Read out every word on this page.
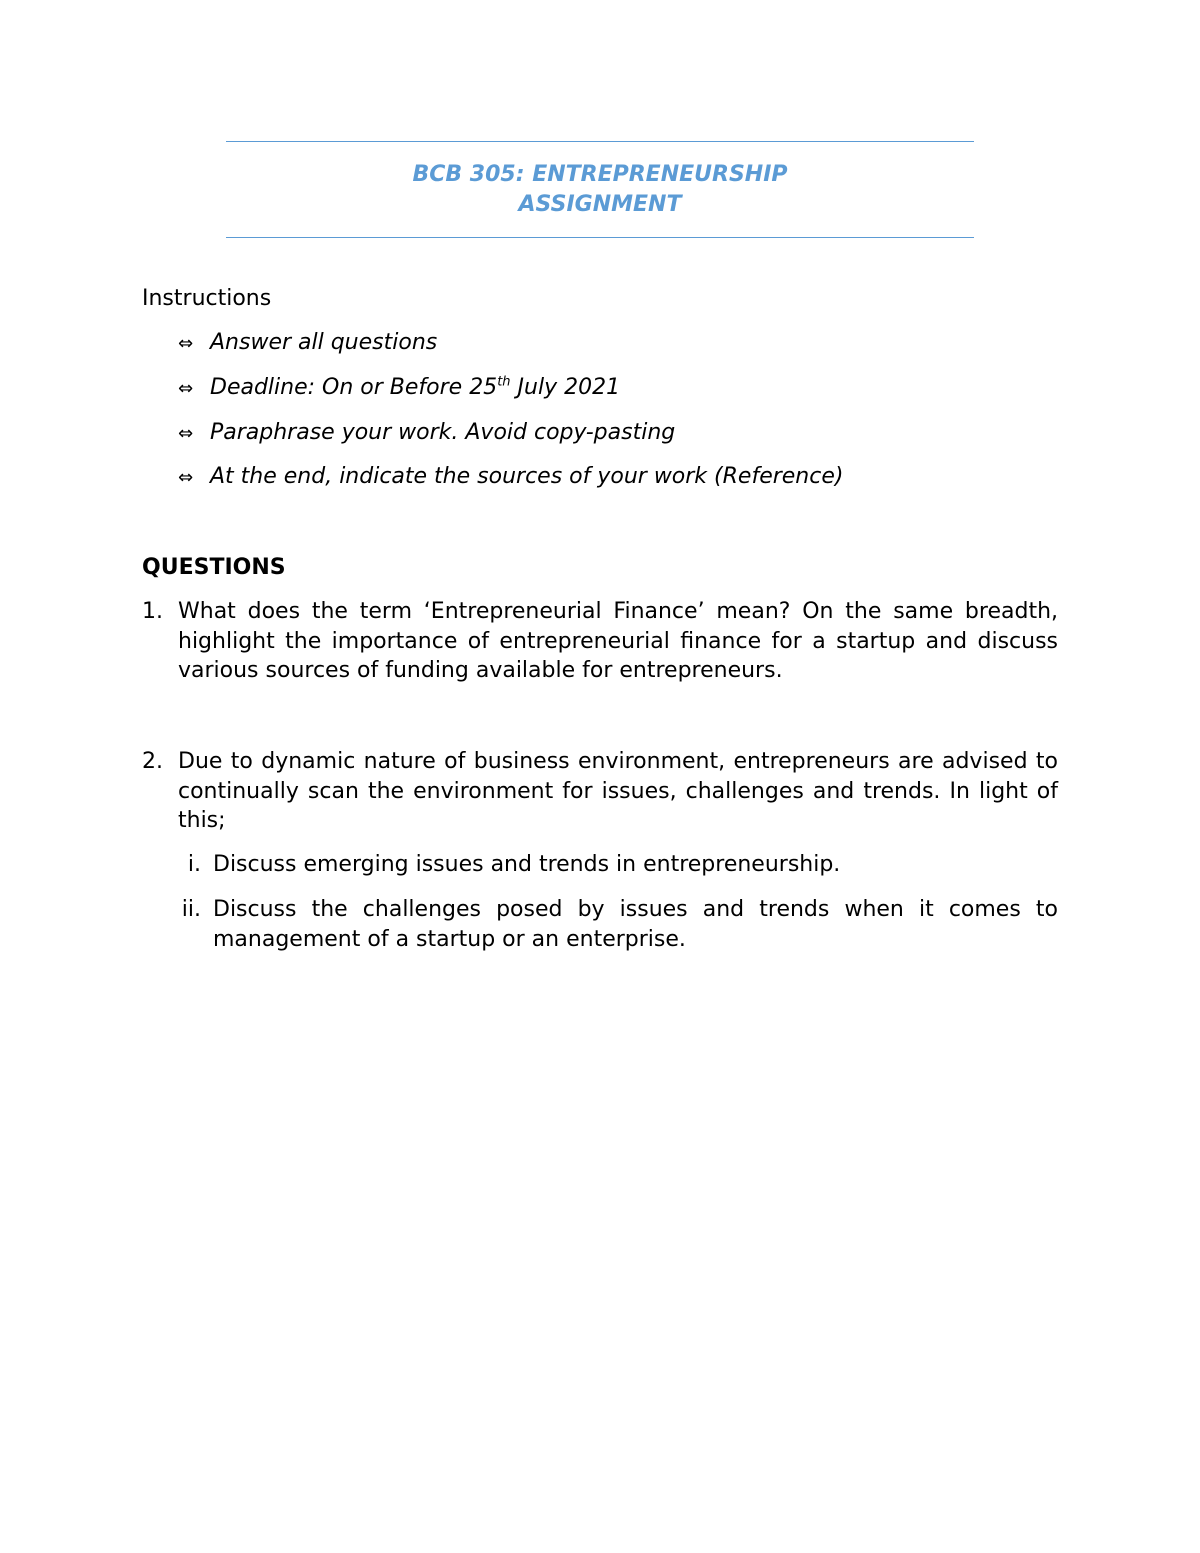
BCB 305: ENTREPRENEURSHIP
ASSIGNMENT
Instructions
⇔ Answer all questions
⇔ Deadline: On or Before 25th July 2021
⇔ Paraphrase your work. Avoid copy-pasting
⇔ At the end, indicate the sources of your work (Reference)
QUESTIONS
1. What does the term ‘Entrepreneurial Finance’ mean? On the same breadth, highlight the importance of entrepreneurial finance for a startup and discuss various sources of funding available for entrepreneurs.
2. Due to dynamic nature of business environment, entrepreneurs are advised to continually scan the environment for issues, challenges and trends. In light of this;
i. Discuss emerging issues and trends in entrepreneurship.
ii. Discuss the challenges posed by issues and trends when it comes to management of a startup or an enterprise.
